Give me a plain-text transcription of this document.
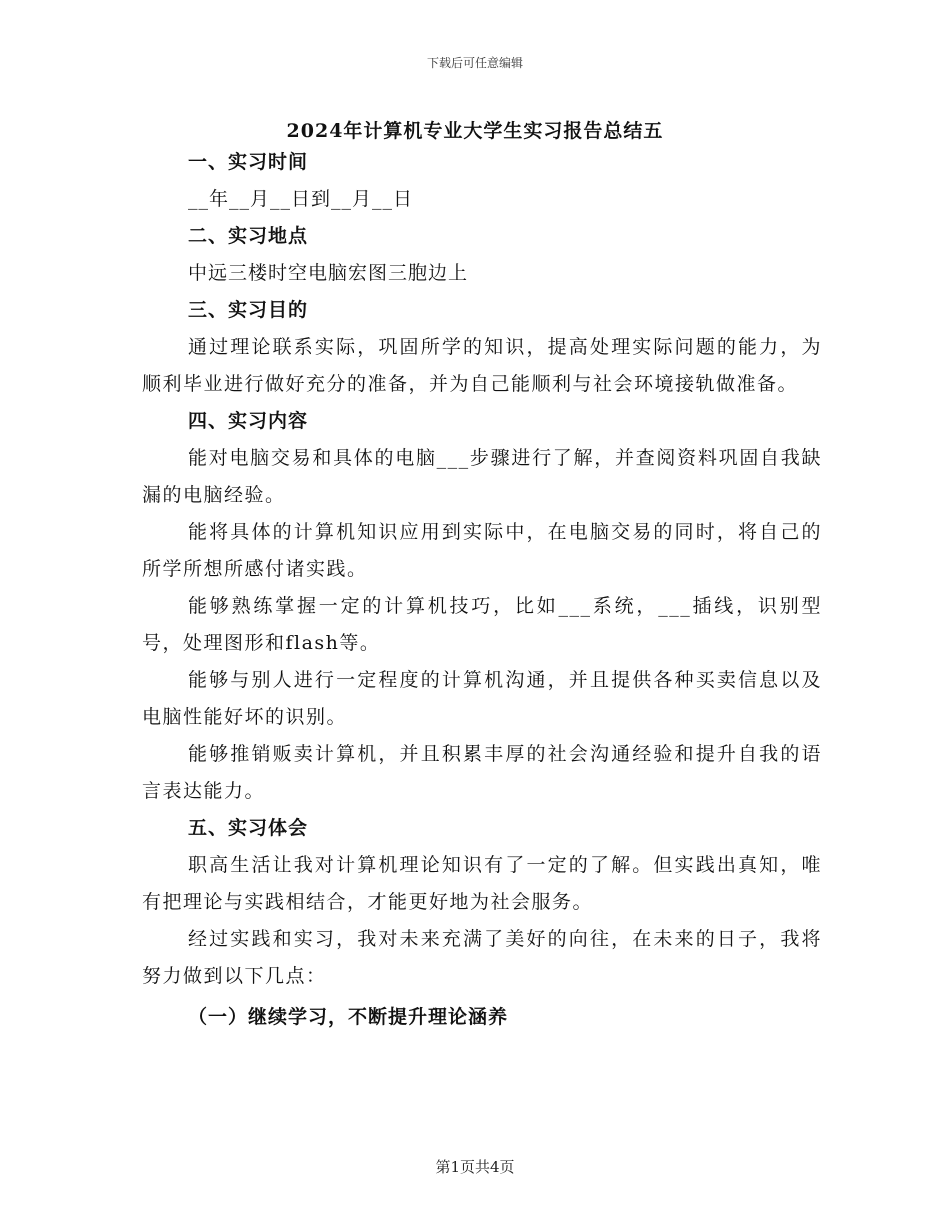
下载后可任意编辑
2024年计算机专业大学生实习报告总结五
一、实习时间
__年__月__日到__月__日
二、实习地点
中远三楼时空电脑宏图三胞边上
三、实习目的
通过理论联系实际，巩固所学的知识，提高处理实际问题的能力，为顺利毕业进行做好充分的准备，并为自己能顺利与社会环境接轨做准备。
四、实习内容
能对电脑交易和具体的电脑___步骤进行了解，并查阅资料巩固自我缺漏的电脑经验。
能将具体的计算机知识应用到实际中，在电脑交易的同时，将自己的所学所想所感付诸实践。
能够熟练掌握一定的计算机技巧，比如___系统，___插线，识别型号，处理图形和flash等。
能够与别人进行一定程度的计算机沟通，并且提供各种买卖信息以及电脑性能好坏的识别。
能够推销贩卖计算机，并且积累丰厚的社会沟通经验和提升自我的语言表达能力。
五、实习体会
职高生活让我对计算机理论知识有了一定的了解。但实践出真知，唯有把理论与实践相结合，才能更好地为社会服务。
经过实践和实习，我对未来充满了美好的向往，在未来的日子，我将努力做到以下几点：
（一）继续学习，不断提升理论涵养
第1页共4页
